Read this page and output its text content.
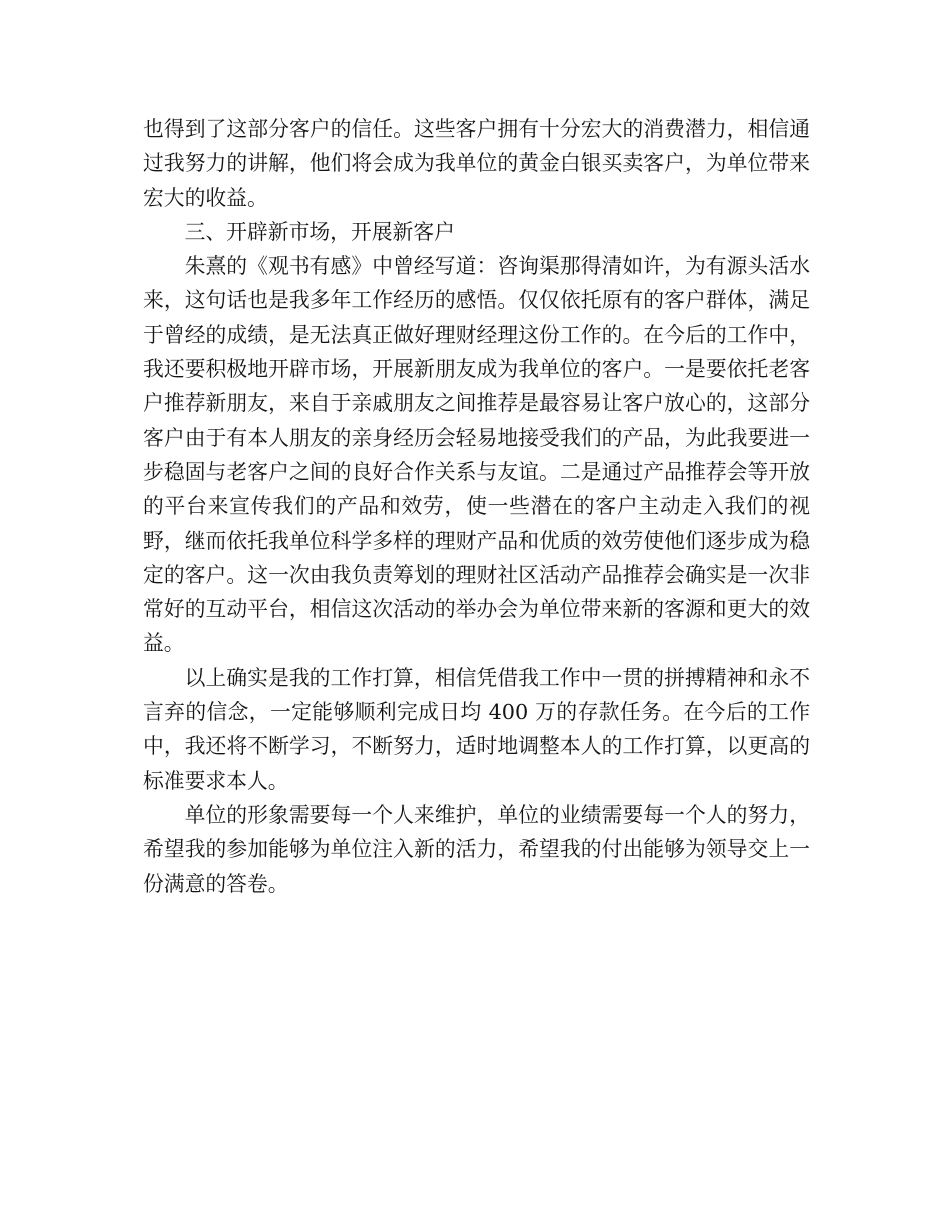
也得到了这部分客户的信任。这些客户拥有十分宏大的消费潜力，相信通过我努力的讲解，他们将会成为我单位的黄金白银买卖客户，为单位带来宏大的收益。

三、开辟新市场，开展新客户

朱熹的《观书有感》中曾经写道：咨询渠那得清如许，为有源头活水来，这句话也是我多年工作经历的感悟。仅仅依托原有的客户群体，满足于曾经的成绩，是无法真正做好理财经理这份工作的。在今后的工作中，我还要积极地开辟市场，开展新朋友成为我单位的客户。一是要依托老客户推荐新朋友，来自于亲戚朋友之间推荐是最容易让客户放心的，这部分客户由于有本人朋友的亲身经历会轻易地接受我们的产品，为此我要进一步稳固与老客户之间的良好合作关系与友谊。二是通过产品推荐会等开放的平台来宣传我们的产品和效劳，使一些潜在的客户主动走入我们的视野，继而依托我单位科学多样的理财产品和优质的效劳使他们逐步成为稳定的客户。这一次由我负责筹划的理财社区活动产品推荐会确实是一次非常好的互动平台，相信这次活动的举办会为单位带来新的客源和更大的效益。

以上确实是我的工作打算，相信凭借我工作中一贯的拼搏精神和永不言弃的信念，一定能够顺利完成日均 400 万的存款任务。在今后的工作中，我还将不断学习，不断努力，适时地调整本人的工作打算，以更高的标准要求本人。

单位的形象需要每一个人来维护，单位的业绩需要每一个人的努力，希望我的参加能够为单位注入新的活力，希望我的付出能够为领导交上一份满意的答卷。
